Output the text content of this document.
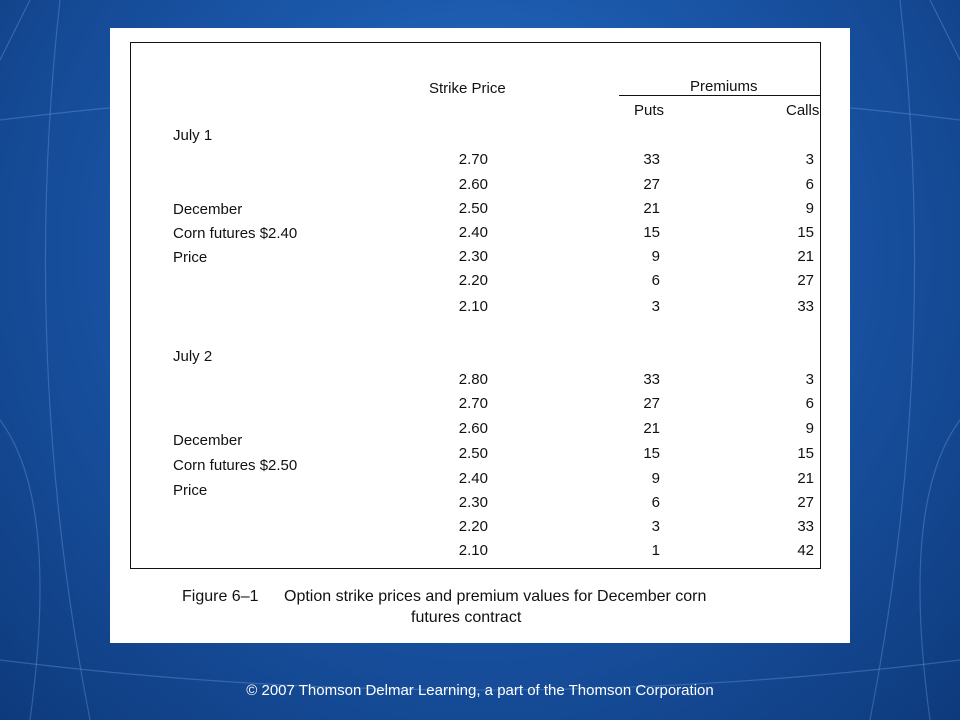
Strike Price	Premiums
Puts	Calls
July 1
December
Corn futures $2.40
Price
2.70	33	3
2.60	27	6
2.50	21	9
2.40	15	15
2.30	9	21
2.20	6	27
2.10	3	33
July 2
December
Corn futures $2.50
Price
2.80	33	3
2.70	27	6
2.60	21	9
2.50	15	15
2.40	9	21
2.30	6	27
2.20	3	33
2.10	1	42
Figure 6–1 Option strike prices and premium values for December corn
futures contract
© 2007 Thomson Delmar Learning, a part of the Thomson Corporation
